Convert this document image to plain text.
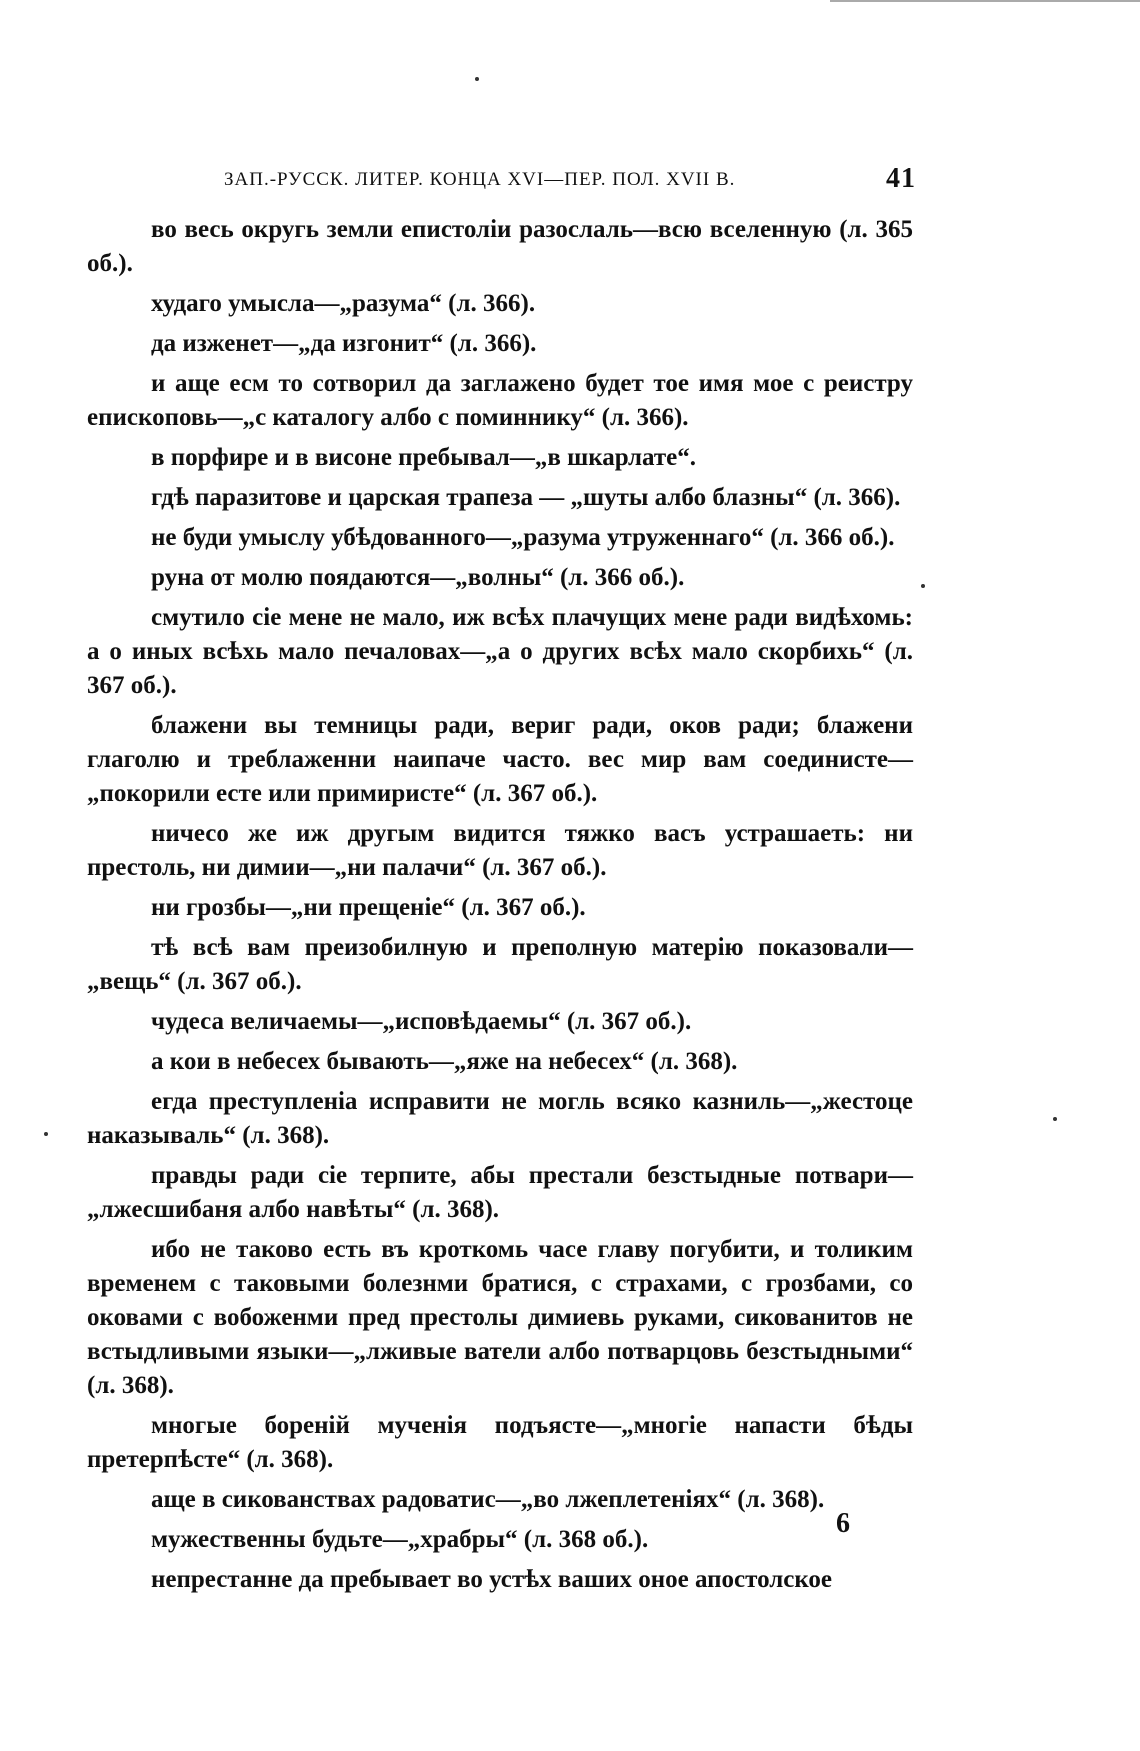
ЗАП.-РУССК. ЛИТЕР. КОНЦА XVI—ПЕР. ПОЛ. XVII В.	41

во весь округь земли епистоліи разослаль—всю вселенную (л. 365 об.).

худаго умысла—„разума“ (л. 366).

да изженет—„да изгонит“ (л. 366).

и аще есм то сотворил да заглажено будет тое имя мое с реистру епископовь—„с каталогу албо с поминнику“ (л. 366).

в порфире и в висоне пребывал—„в шкарлате“.

гдѣ паразитове и царская трапеза — „шуты албо блазны“ (л. 366).

не буди умыслу убѣдованного—„разума утруженнаго“ (л. 366 об.).

руна от молю поядаются—„волны“ (л. 366 об.).

смутило сіе мене не мало, иж всѣх плачущих мене ради видѣхомь: а о иных всѣхь мало печаловах—„а о других всѣх мало скорбихь“ (л. 367 об.).

блажени вы темницы ради, вериг ради, оков ради; блажени глаголю и треблаженни наипаче часто. вес мир вам соединисте—„покорили есте или примиристе“ (л. 367 об.).

ничесо же иж другым видится тяжко васъ устрашаеть: ни престоль, ни димии—„ни палачи“ (л. 367 об.).

ни грозбы—„ни прещеніе“ (л. 367 об.).

тѣ всѣ вам преизобилную и преполную матерію показовали—„вещь“ (л. 367 об.).

чудеса величаемы—„исповѣдаемы“ (л. 367 об.).

а кои в небесех бывають—„яже на небесех“ (л. 368).

егда преступленіа исправити не могль всяко казниль—„жестоце наказываль“ (л. 368).

правды ради сіе терпите, абы престали безстыдные потвари—„лжесшибаня албо навѣты“ (л. 368).

ибо не таково есть въ кроткомь часе главу погубити, и толиким временем с таковыми болезнми братися, с страхами, с грозбами, со оковами с вобоженми пред престолы димиевь руками, сикованитов не встыдливыми языки—„лживые ватели албо потварцовь безстыдными“ (л. 368).

многые бореній мученія подъясте—„многіе напасти бѣды претерпѣсте“ (л. 368).

аще в сикованствах радоватис—„во лжеплетеніях“ (л. 368).

мужественны будьте—„храбры“ (л. 368 об.).

непрестанне да пребывает во устѣх ваших оное апостолское

6
